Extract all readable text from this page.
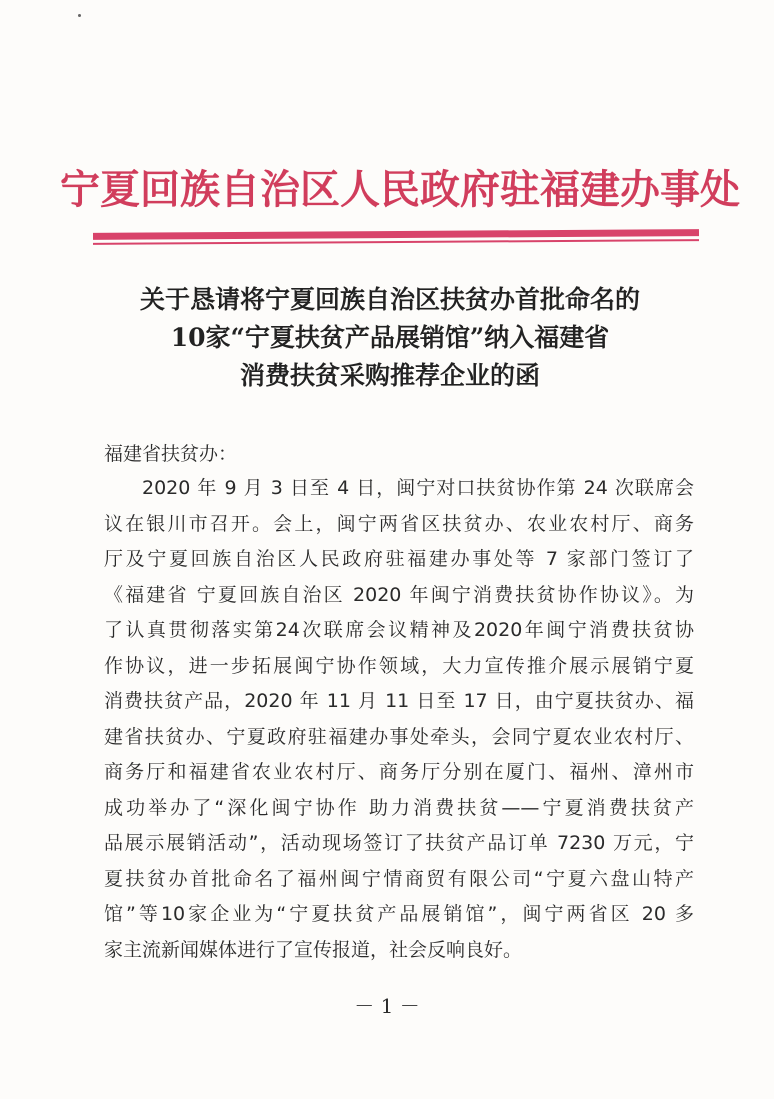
宁夏回族自治区人民政府驻福建办事处
关于恳请将宁夏回族自治区扶贫办首批命名的
10家“宁夏扶贫产品展销馆”纳入福建省
消费扶贫采购推荐企业的函
福建省扶贫办：
2020 年 9 月 3 日至 4 日，闽宁对口扶贫协作第 24 次联席会
议在银川市召开。会上，闽宁两省区扶贫办、农业农村厅、商务
厅及宁夏回族自治区人民政府驻福建办事处等 7 家部门签订了
《福建省 宁夏回族自治区 2020 年闽宁消费扶贫协作协议》。为
了认真贯彻落实第24次联席会议精神及2020年闽宁消费扶贫协
作协议，进一步拓展闽宁协作领域，大力宣传推介展示展销宁夏
消费扶贫产品，2020 年 11 月 11 日至 17 日，由宁夏扶贫办、福
建省扶贫办、宁夏政府驻福建办事处牵头，会同宁夏农业农村厅、
商务厅和福建省农业农村厅、商务厅分别在厦门、福州、漳州市
成功举办了“深化闽宁协作 助力消费扶贫——宁夏消费扶贫产
品展示展销活动”，活动现场签订了扶贫产品订单 7230 万元，宁
夏扶贫办首批命名了福州闽宁情商贸有限公司“宁夏六盘山特产
馆”等10家企业为“宁夏扶贫产品展销馆”，闽宁两省区 20 多
家主流新闻媒体进行了宣传报道，社会反响良好。
－ 1 －
